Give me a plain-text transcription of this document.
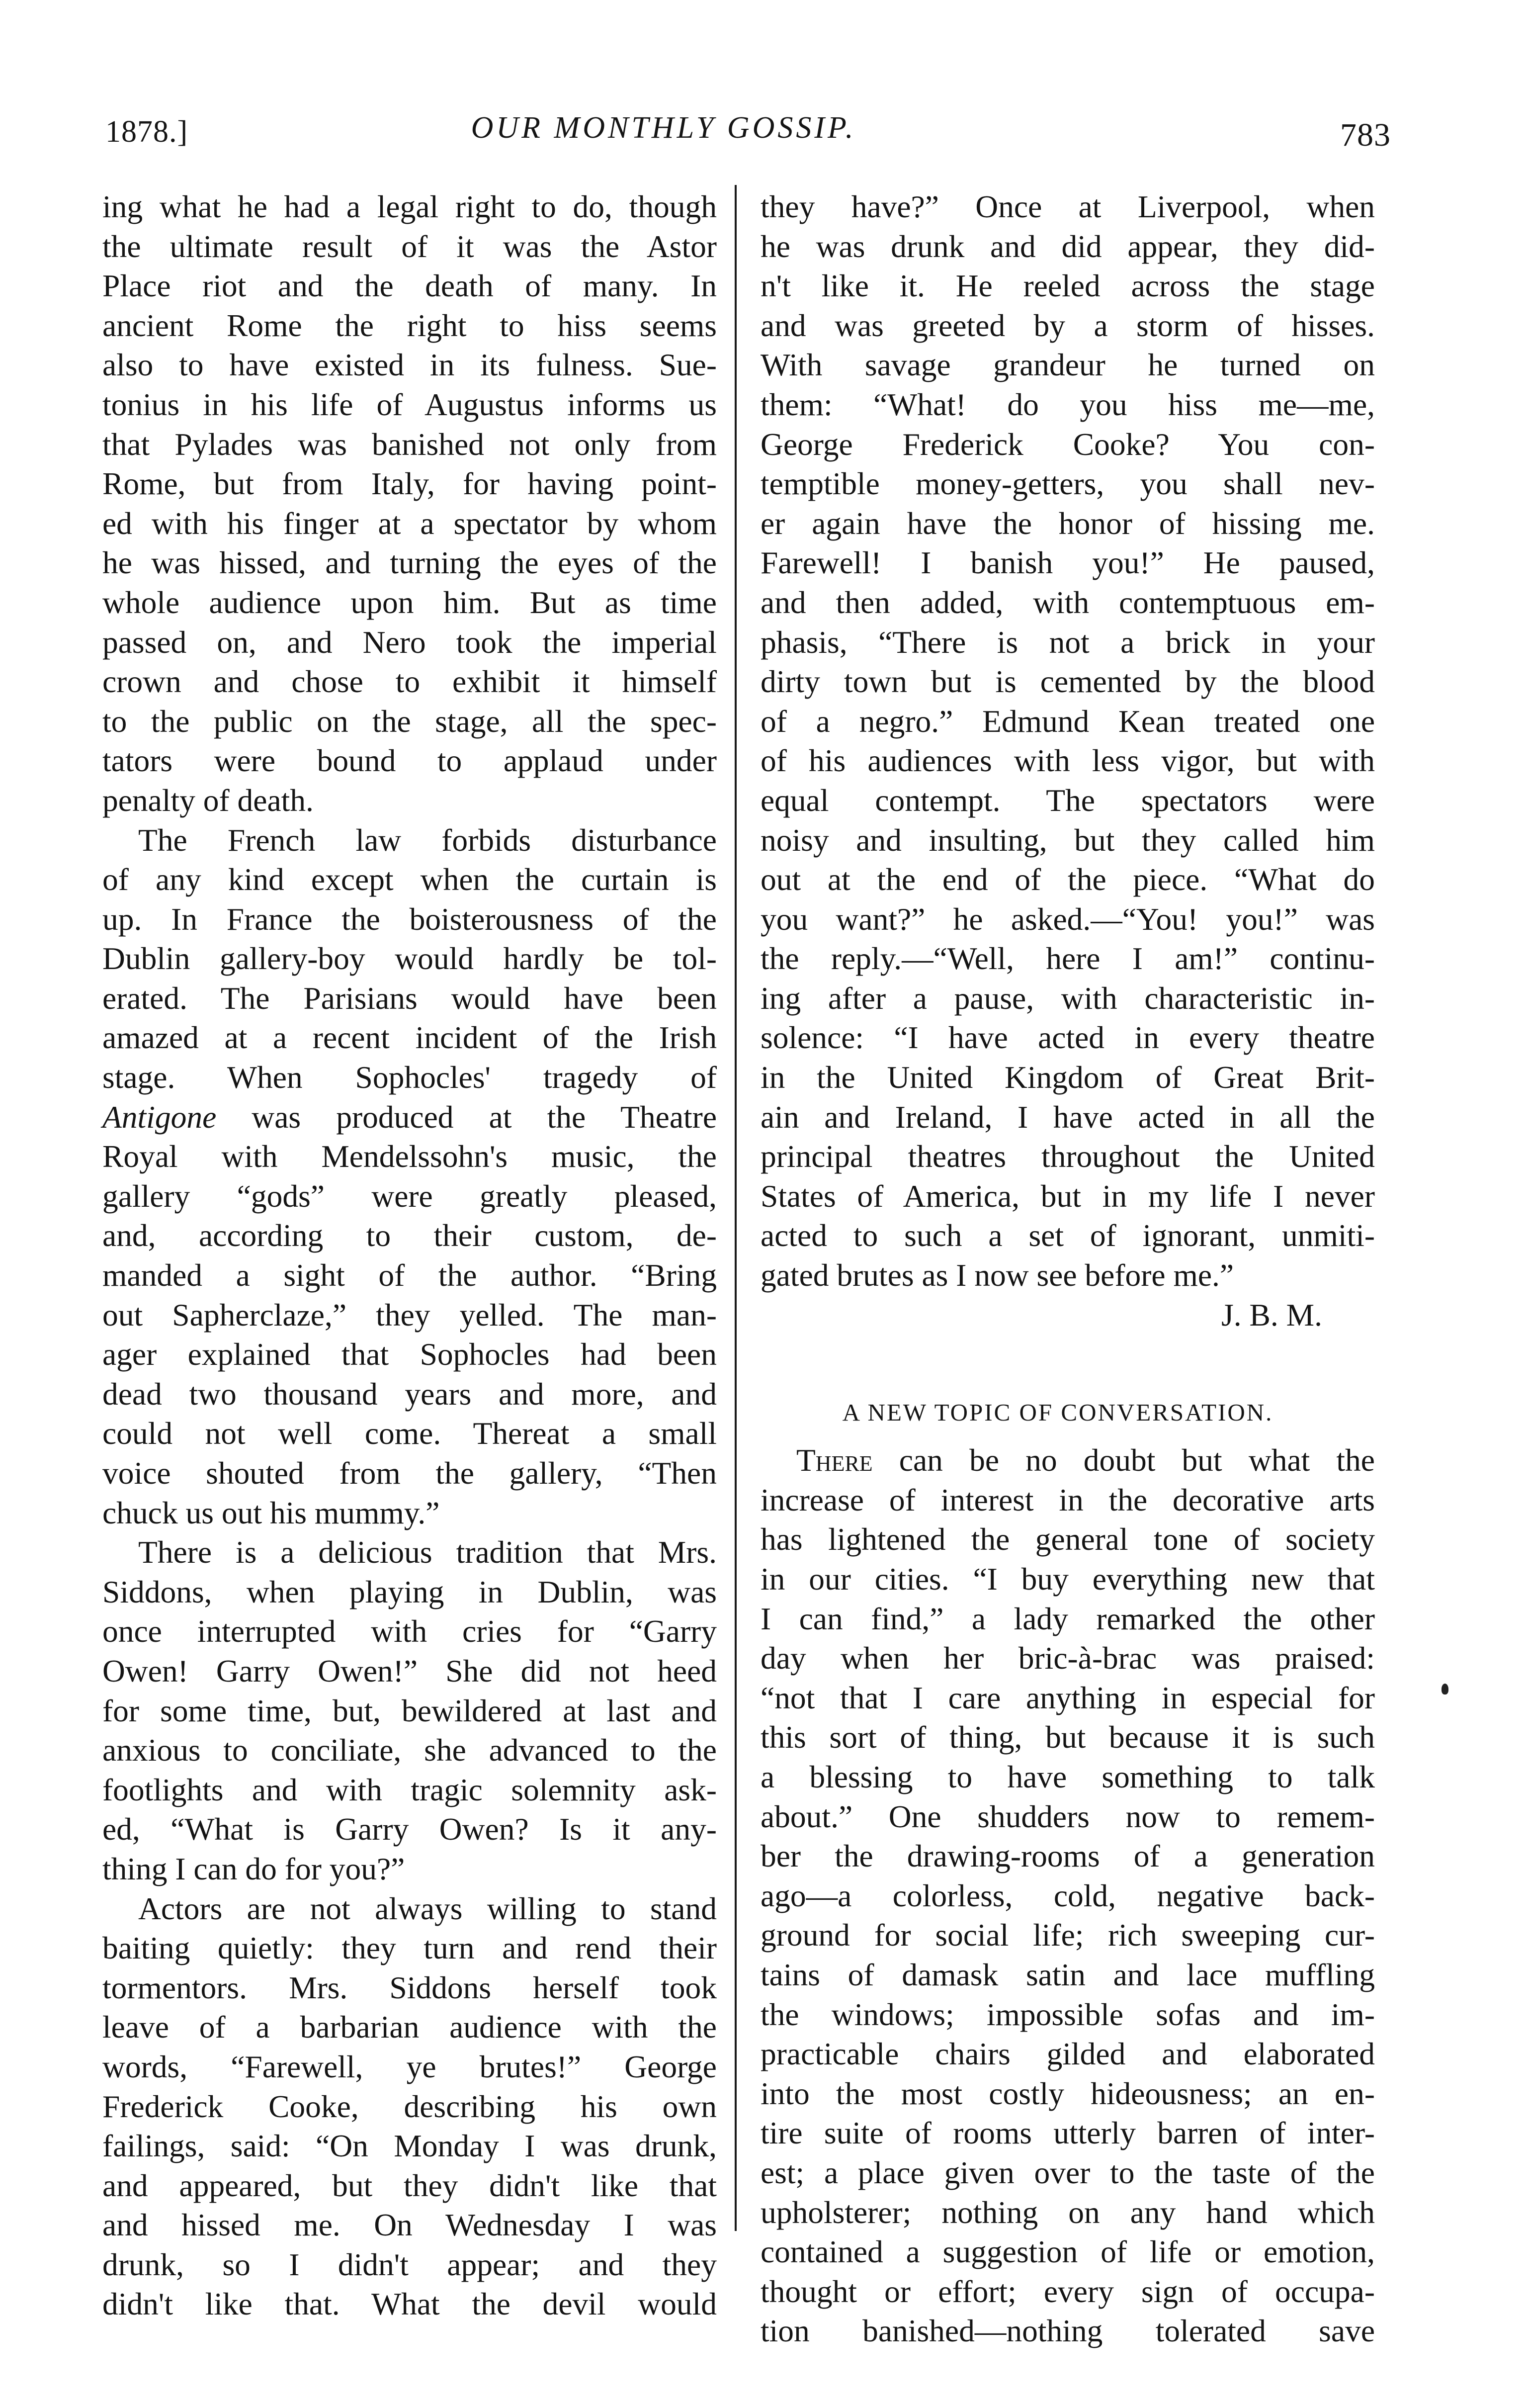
1878.]	OUR MONTHLY GOSSIP.	783
ing what he had a legal right to do, though
the ultimate result of it was the Astor
Place riot and the death of many. In
ancient Rome the right to hiss seems
also to have existed in its fulness. Sue-
tonius in his life of Augustus informs us
that Pylades was banished not only from
Rome, but from Italy, for having point-
ed with his finger at a spectator by whom
he was hissed, and turning the eyes of the
whole audience upon him. But as time
passed on, and Nero took the imperial
crown and chose to exhibit it himself
to the public on the stage, all the spec-
tators were bound to applaud under
penalty of death.
The French law forbids disturbance
of any kind except when the curtain is
up. In France the boisterousness of the
Dublin gallery-boy would hardly be tol-
erated. The Parisians would have been
amazed at a recent incident of the Irish
stage. When Sophocles' tragedy of
Antigone was produced at the Theatre
Royal with Mendelssohn's music, the
gallery “gods” were greatly pleased,
and, according to their custom, de-
manded a sight of the author. “Bring
out Sapherclaze,” they yelled. The man-
ager explained that Sophocles had been
dead two thousand years and more, and
could not well come. Thereat a small
voice shouted from the gallery, “Then
chuck us out his mummy.”
There is a delicious tradition that Mrs.
Siddons, when playing in Dublin, was
once interrupted with cries for “Garry
Owen! Garry Owen!” She did not heed
for some time, but, bewildered at last and
anxious to conciliate, she advanced to the
footlights and with tragic solemnity ask-
ed, “What is Garry Owen? Is it any-
thing I can do for you?”
Actors are not always willing to stand
baiting quietly: they turn and rend their
tormentors. Mrs. Siddons herself took
leave of a barbarian audience with the
words, “Farewell, ye brutes!” George
Frederick Cooke, describing his own
failings, said: “On Monday I was drunk,
and appeared, but they didn't like that
and hissed me. On Wednesday I was
drunk, so I didn't appear; and they
didn't like that. What the devil would
they have?” Once at Liverpool, when
he was drunk and did appear, they did-
n't like it. He reeled across the stage
and was greeted by a storm of hisses.
With savage grandeur he turned on
them: “What! do you hiss me—me,
George Frederick Cooke? You con-
temptible money-getters, you shall nev-
er again have the honor of hissing me.
Farewell! I banish you!” He paused,
and then added, with contemptuous em-
phasis, “There is not a brick in your
dirty town but is cemented by the blood
of a negro.” Edmund Kean treated one
of his audiences with less vigor, but with
equal contempt. The spectators were
noisy and insulting, but they called him
out at the end of the piece. “What do
you want?” he asked.—“You! you!” was
the reply.—“Well, here I am!” continu-
ing after a pause, with characteristic in-
solence: “I have acted in every theatre
in the United Kingdom of Great Brit-
ain and Ireland, I have acted in all the
principal theatres throughout the United
States of America, but in my life I never
acted to such a set of ignorant, unmiti-
gated brutes as I now see before me.”
J. B. M.
A NEW TOPIC OF CONVERSATION.
There can be no doubt but what the
increase of interest in the decorative arts
has lightened the general tone of society
in our cities. “I buy everything new that
I can find,” a lady remarked the other
day when her bric-à-brac was praised:
“not that I care anything in especial for
this sort of thing, but because it is such
a blessing to have something to talk
about.” One shudders now to remem-
ber the drawing-rooms of a generation
ago—a colorless, cold, negative back-
ground for social life; rich sweeping cur-
tains of damask satin and lace muffling
the windows; impossible sofas and im-
practicable chairs gilded and elaborated
into the most costly hideousness; an en-
tire suite of rooms utterly barren of inter-
est; a place given over to the taste of the
upholsterer; nothing on any hand which
contained a suggestion of life or emotion,
thought or effort; every sign of occupa-
tion banished—nothing tolerated save
